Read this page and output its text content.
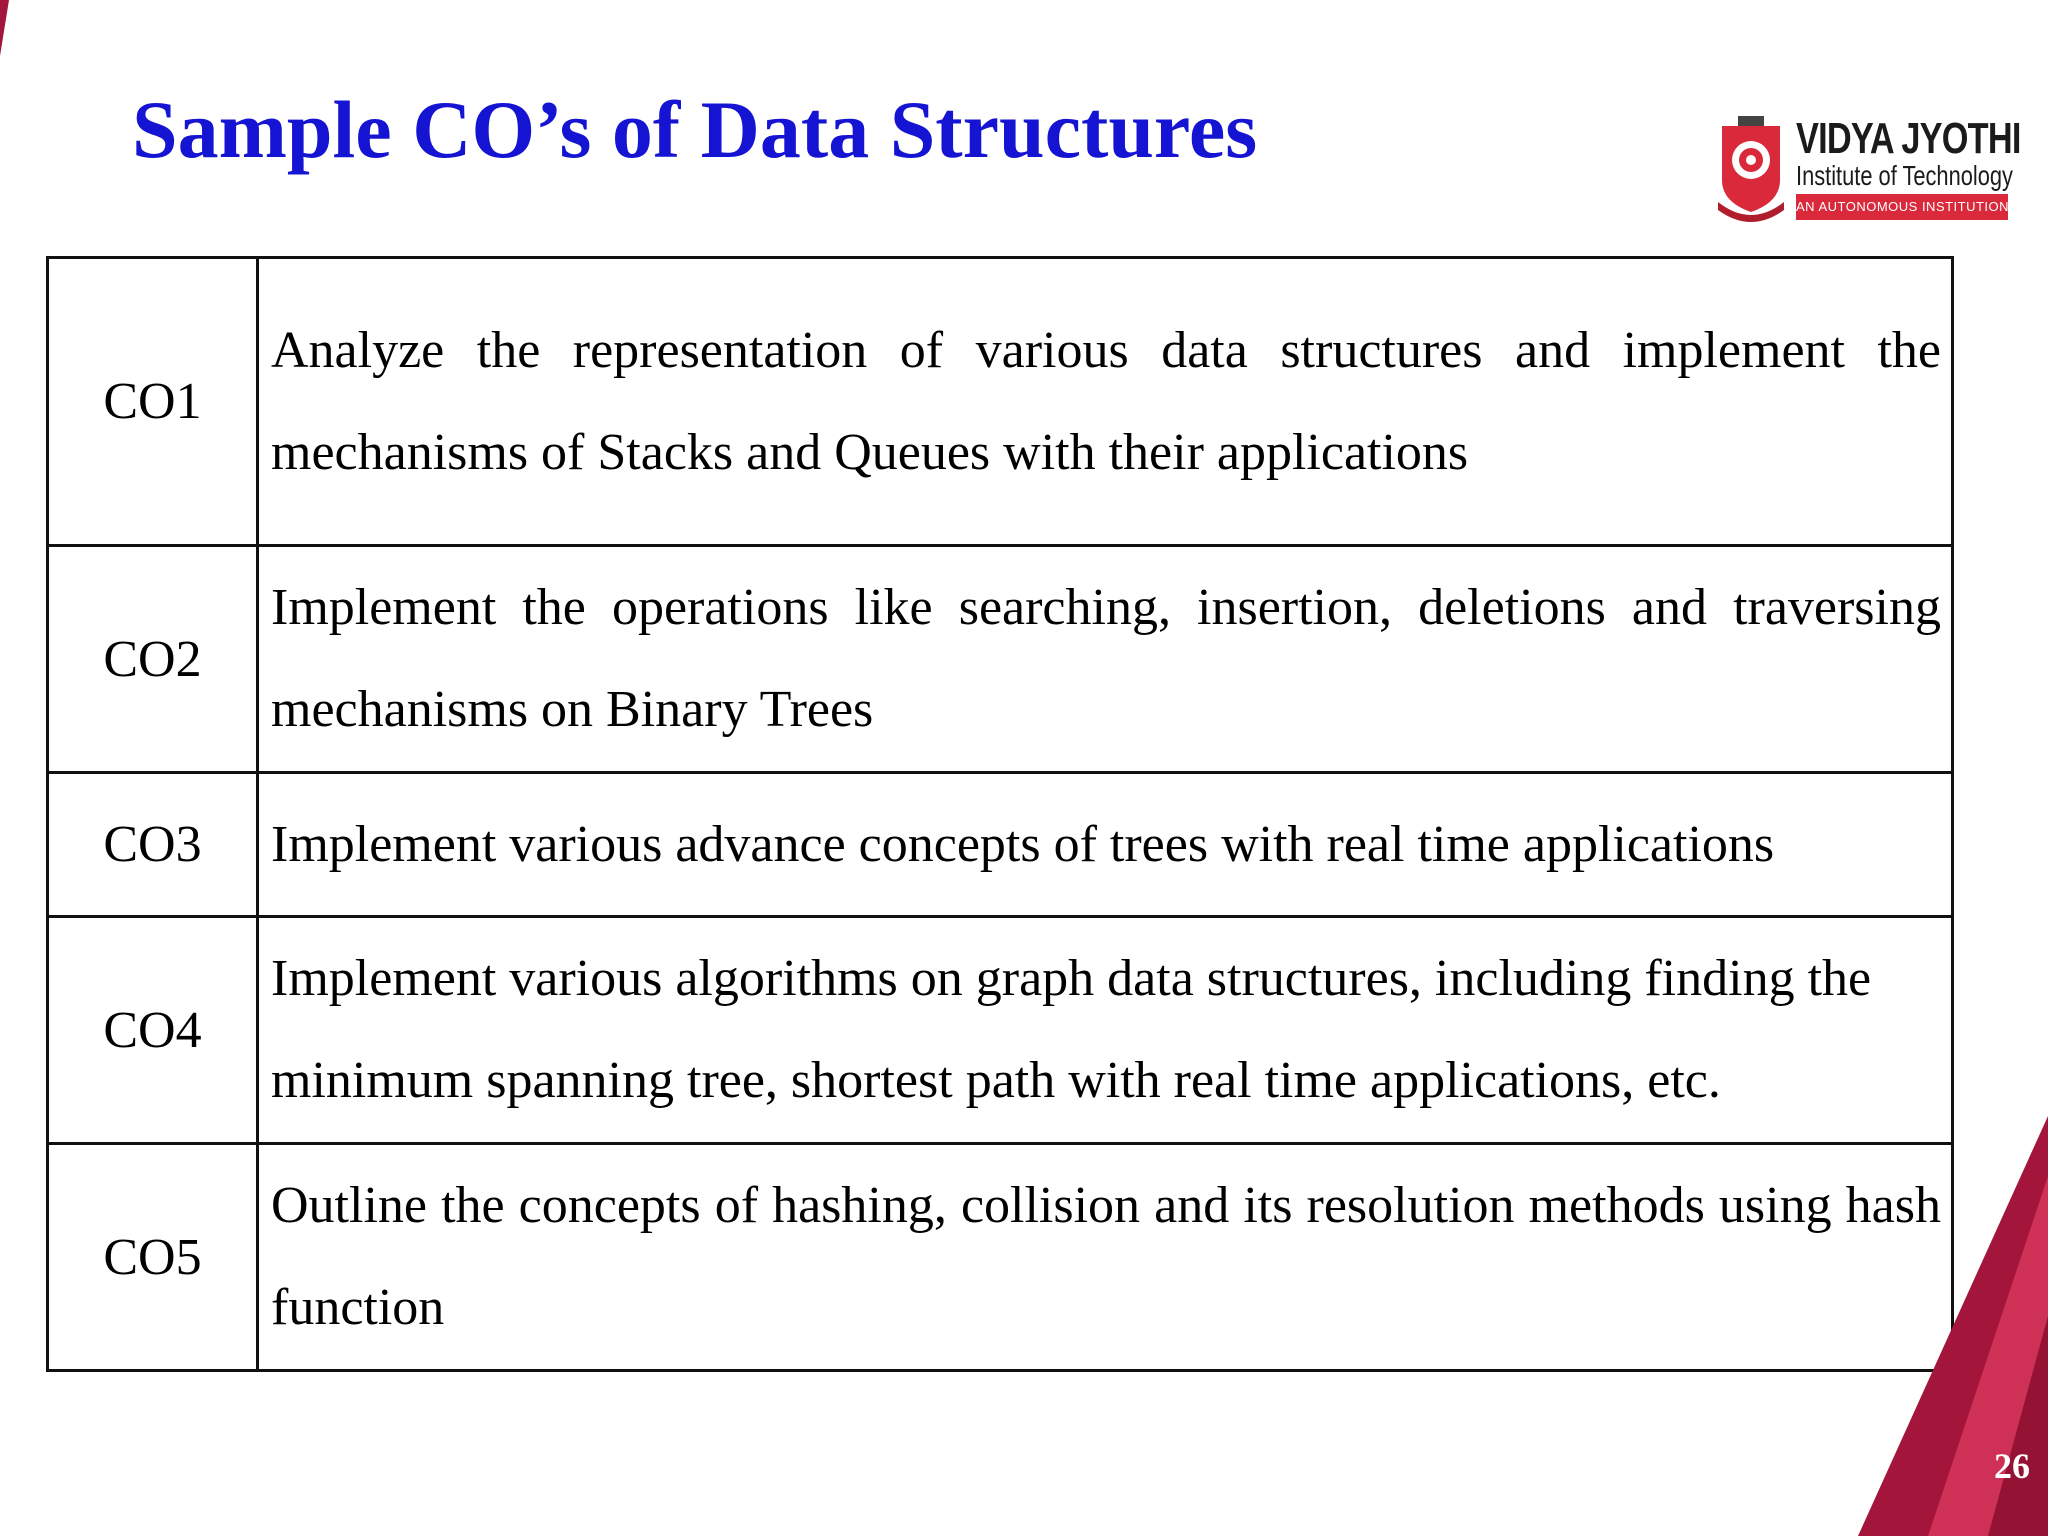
Sample CO’s of Data Structures	VIDYA JYOTHI
Institute of Technology
AN AUTONOMOUS INSTITUTION
CO1	Analyze the representation of various data structures and implement the mechanisms of Stacks and Queues with their applications
CO2	Implement the operations like searching, insertion, deletions and traversing mechanisms on Binary Trees
CO3	Implement various advance concepts of trees with real time applications
CO4	Implement various algorithms on graph data structures, including finding the minimum spanning tree, shortest path with real time applications, etc.
CO5	Outline the concepts of hashing, collision and its resolution methods using hash function
26
